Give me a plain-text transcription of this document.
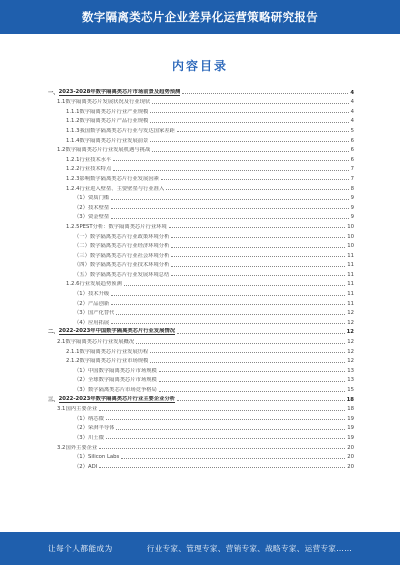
数字隔离类芯片企业差异化运营策略研究报告
内容目录
一、 2023-2028年数字隔离类芯片市场前景及趋势预测	4
1.1 数字隔离类芯片发展状况及行业现状	4
1.1.1 数字隔离类芯片行业产业规模	4
1.1.2 数字隔离类芯片产品行业规模	4
1.1.3 我国数字隔离类芯片行业与发达国家差距	5
1.1.4 数字隔离类芯片行业发展前景	6
1.2 数字隔离类芯片行业发展机遇与挑战	6
1.2.1 行业技术水平	6
1.2.2 行业技术特点	7
1.2.3 影响数字隔离类芯片行业发展因素	7
1.2.4 行业进入壁垒、主要壁垒与行业准入	8
（1） 资质门槛	9
（2） 技术壁垒	9
（3） 资金壁垒	9
1.2.5 PEST分析：数字隔离类芯片行业环境	10
（一） 数字隔离类芯片行业政策环境分析	10
（二） 数字隔离类芯片行业经济环境分析	10
（三） 数字隔离类芯片行业社会环境分析	11
（四） 数字隔离类芯片行业技术环境分析	11
（五） 数字隔离类芯片行业发展环境总结	11
1.2.6 行业发展趋势预测	11
（1） 技术升级	11
（2） 产品创新	11
（3） 国产化替代	12
（4） 应用拓展	12
二、 2022-2023年中国数字隔离类芯片行业发展情况	12
2.1 数字隔离类芯片行业发展概况	12
2.1.1 数字隔离类芯片行业发展历程	12
2.1.2 数字隔离类芯片行业市场规模	12
（1） 中国数字隔离类芯片市场规模	13
（2） 全球数字隔离类芯片市场规模	13
（3） 数字隔离类芯片市场竞争格局	15
三、 2022-2023年数字隔离类芯片行业主要企业分析	18
3.1 国内主要企业	18
（1） 纳芯微	19
（2） 荣湃半导体	19
（3） 川土微	19
3.2 国外主要企业	20
（1） Silicon Labs	20
（2） ADI	20
让每个人都能成为	行业专家、管理专家、营销专家、战略专家、运营专家……
